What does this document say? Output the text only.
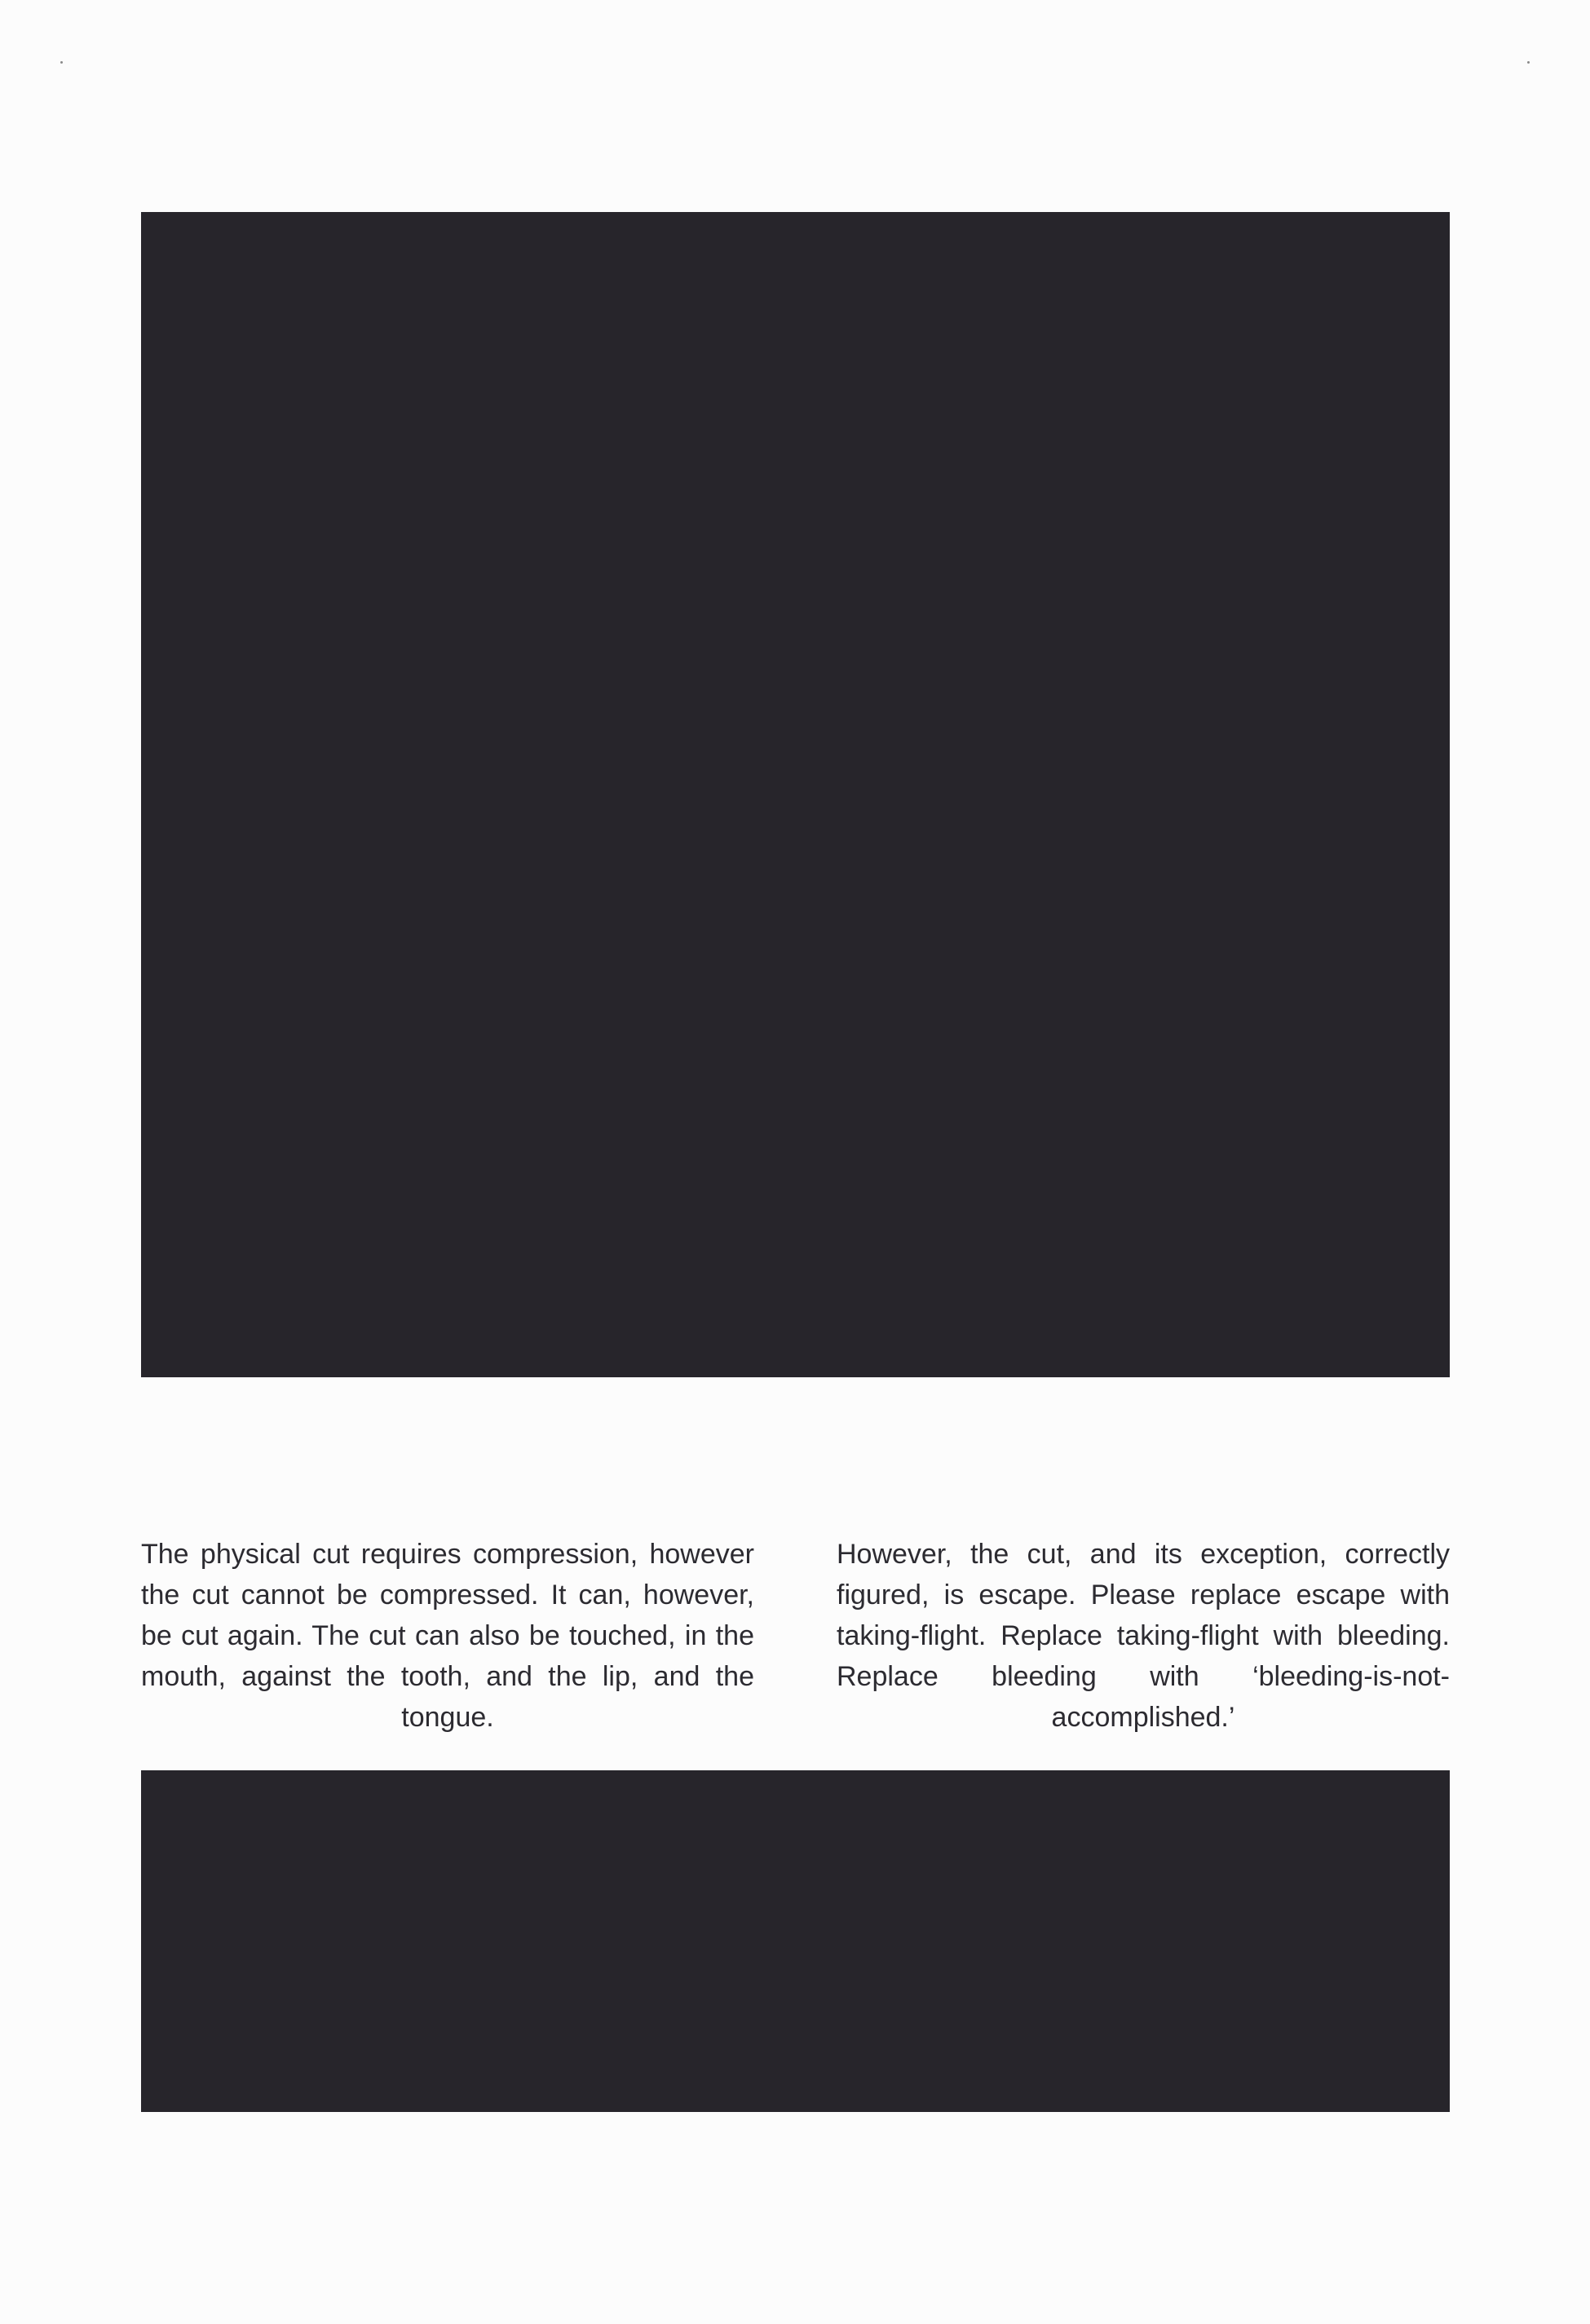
The physical cut requires compression, however the cut cannot be compressed. It can, however, be cut again. The cut can also be touched, in the mouth, against the tooth, and the lip, and the tongue.

However, the cut, and its exception, correctly figured, is escape. Please replace escape with taking-flight. Replace taking-flight with bleeding. Replace bleeding with ‘bleeding-is-not-accomplished.’
